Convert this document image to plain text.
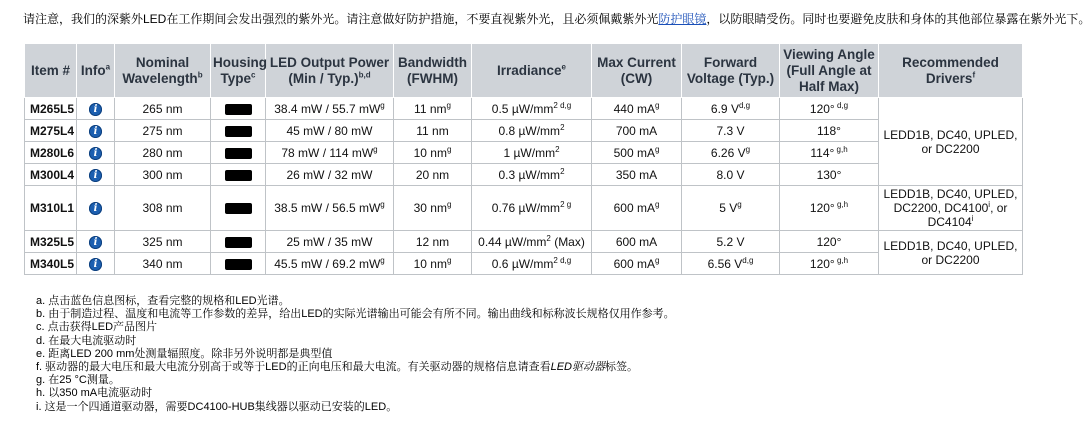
请注意，我们的深紫外LED在工作期间会发出强烈的紫外光。请注意做好防护措施，不要直视紫外光，且必须佩戴紫外光防护眼镜，以防眼睛受伤。同时也要避免皮肤和身体的其他部位暴露在紫外光下。
Item #	Info$^a$	Nominal Wavelength$^b$	Housing Type$^c$	LED Output Power (Min / Typ.)$^{b,d}$	Bandwidth (FWHM)	Irradiance$^e$	Max Current (CW)	Forward Voltage (Typ.)	Viewing Angle (Full Angle at Half Max)	Recommended Drivers$^f$
M265L5	i	265 nm		38.4 mW / 55.7 $mW^g$	11 $nm^g$	0.5 $\mu W/mm^{2 d,g}$	440 $mA^g$	6.9 V$^{d,g}$	120° $^{d,g}$	LEDD1B, DC40, UPLED, or DC2200
M275L4	i	275 nm		45 mW / 80 mW	11 nm	0.8 $\mu W/mm^2$	700 mA	7.3 V	118°	
M280L6	i	280 nm		78 mW / 114 $mW^g$	10 $nm^g$	1 $\mu W/mm^2$	500 $mA^g$	6.26 $V^g$	114° $^{g,h}$
M300L4	i	300 nm		26 mW / 32 mW	20 nm	0.3 $\mu W/mm^2$	350 mA	8.0 V	130°	
M310L1	i	308 nm		38.5 mW / 56.5 $mW^g$	30 $nm^g$	0.76 $\mu W/mm^{2 g}$	600 $mA^g$	5 $V^g$	120° $^{g,h}$	LEDD1B, DC40, UPLED, DC2200, DC4100$^i$, or DC4104$^i$
M325L5	i	325 nm		25 mW / 35 mW	12 nm	0.44 $\mu W/mm^2$ (Max)	600 mA	5.2 V	120°	LEDD1B, DC40, UPLED, or DC2200
M340L5	i	340 nm		45.5 mW / 69.2 $mW^g$	10 $nm^g$	0.6 $\mu W/mm^{2 d,g}$	600 $mA^g$	6.56 V$^{d,g}$	120° $^{g,h}$
a. 点击蓝色信息图标，查看完整的规格和LED光谱。
b. 由于制造过程、温度和电流等工作参数的差异，给出LED的实际光谱输出可能会有所不同。输出曲线和标称波长规格仅用作参考。
c. 点击获得LED产品图片
d. 在最大电流驱动时
e. 距离LED 200 mm处测量辐照度。除非另外说明都是典型值
f. 驱动器的最大电压和最大电流分别高于或等于LED的正向电压和最大电流。有关驱动器的规格信息请查看LED驱动器标签。
g. 在25 °C测量。
h. 以350 mA电流驱动时
i. 这是一个四通道驱动器，需要DC4100-HUB集线器以驱动已安装的LED。
